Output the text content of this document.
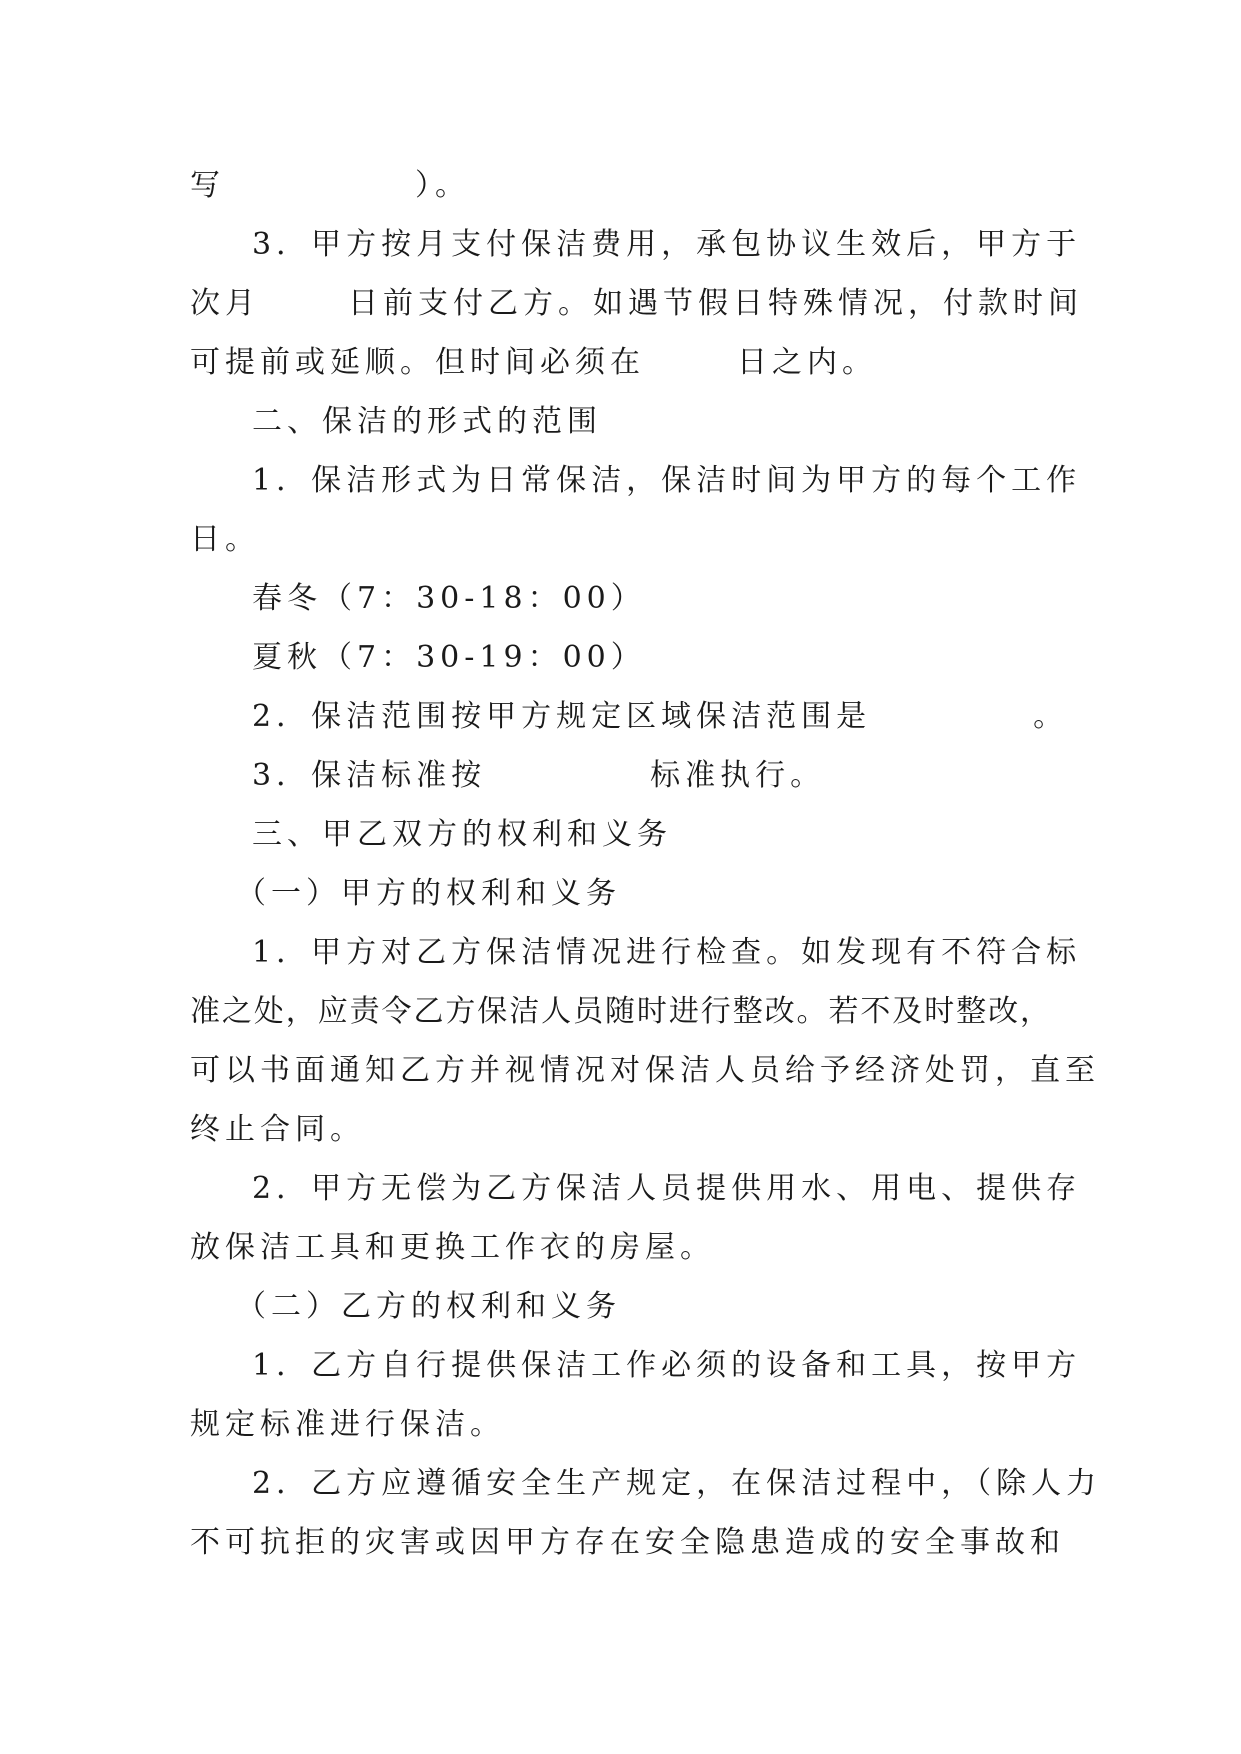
写	）。
3．甲方按月支付保洁费用，承包协议生效后，甲方于
次月	日前支付乙方。如遇节假日特殊情况，付款时间
可提前或延顺。但时间必须在	日之内。
二、保洁的形式的范围
1．保洁形式为日常保洁，保洁时间为甲方的每个工作
日。
春冬（7：30-18：00）
夏秋（7：30-19：00）
2．保洁范围按甲方规定区域保洁范围是	。
3．保洁标准按	标准执行。
三、甲乙双方的权利和义务
（一）甲方的权利和义务
1．甲方对乙方保洁情况进行检查。如发现有不符合标
准之处，应责令乙方保洁人员随时进行整改。若不及时整改，
可以书面通知乙方并视情况对保洁人员给予经济处罚，直至
终止合同。
2．甲方无偿为乙方保洁人员提供用水、用电、提供存
放保洁工具和更换工作衣的房屋。
（二）乙方的权利和义务
1．乙方自行提供保洁工作必须的设备和工具，按甲方
规定标准进行保洁。
2．乙方应遵循安全生产规定，在保洁过程中，（除人力
不可抗拒的灾害或因甲方存在安全隐患造成的安全事故和
